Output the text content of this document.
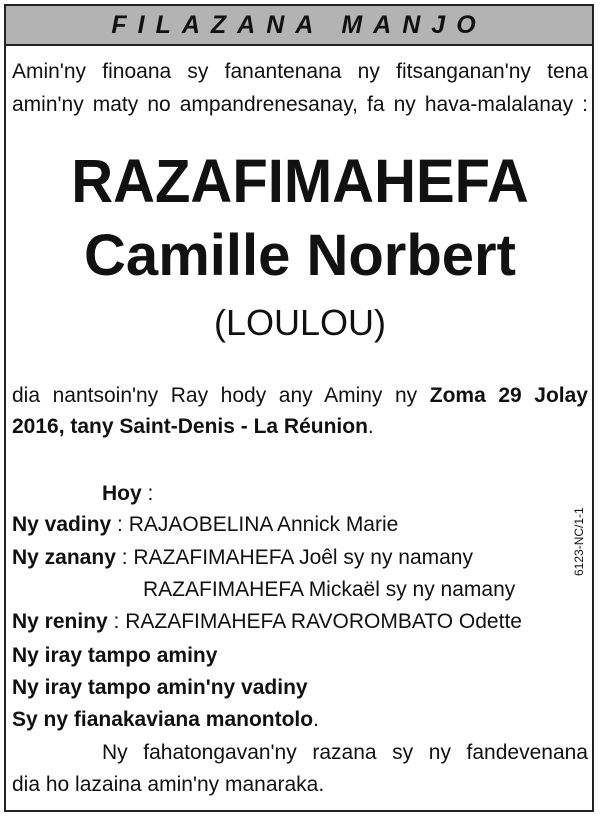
FILAZANA MANJO
Amin'ny finoana sy fanantenana ny fitsanganan'ny tena
amin'ny maty no ampandrenesanay, fa ny hava-malalanay :
RAZAFIMAHEFA
Camille Norbert
(LOULOU)
dia nantsoin'ny Ray hody any Aminy ny Zoma 29 Jolay
2016, tany Saint-Denis - La Réunion.
Hoy :
Ny vadiny : RAJAOBELINA Annick Marie
Ny zanany : RAZAFIMAHEFA Joêl sy ny namany
RAZAFIMAHEFA Mickaël sy ny namany
Ny reniny : RAZAFIMAHEFA RAVOROMBATO Odette
Ny iray tampo aminy
Ny iray tampo amin'ny vadiny
Sy ny fianakaviana manontolo.
Ny fahatongavan'ny razana sy ny fandevenana
dia ho lazaina amin'ny manaraka.
6123-NC/1-1
